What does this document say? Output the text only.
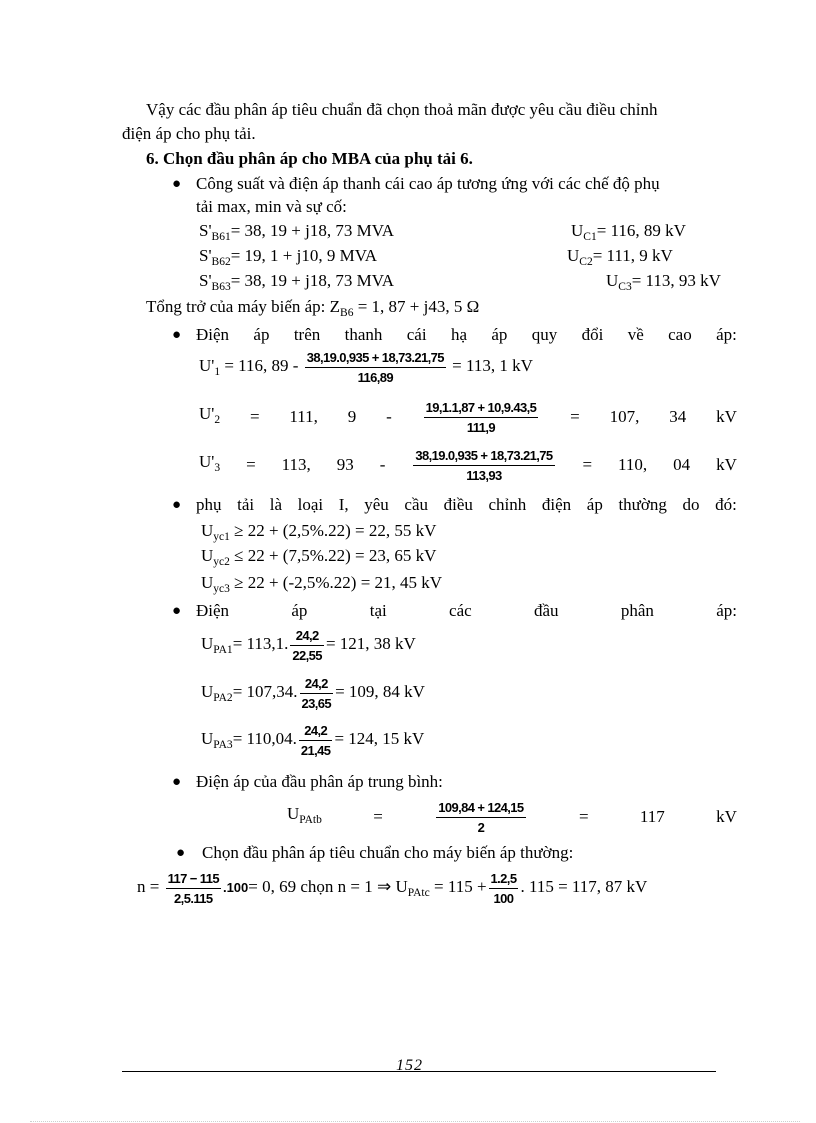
Vậy các đầu phân áp tiêu chuẩn đã chọn thoả mãn được yêu cầu điều chỉnh
điện áp cho phụ tải.
6. Chọn đầu phân áp cho MBA của phụ tải 6.
● Công suất và điện áp thanh cái cao áp tương ứng với các chế độ phụ
tải max, min và sự cố:
$S'_{B61}= 38$, 19 + j18, 73 MVA	$U_{C1}= 116$, 89 kV
$S'_{B62}= 19$, 1 + j10, 9 MVA	$U_{C2}= 111$, 9 kV
$S'_{B63}= 38$, 19 + j18, 73 MVA	$U_{C3}= 113$, 93 kV
Tổng trở của máy biến áp: $Z_{B6} = 1$, 87 + j43, 5 Ω
● Điện áp trên thanh cái hạ áp quy đổi về cao áp:
$U'_1 = 116$, $89 - \frac{38,19.0,935 + 18,73.21,75}{116,89} = 113$, 1 kV
$U'_2 = 111$, $9 - \frac{19,1.1,87 + 10,9.43,5}{111,9} = 107$, 34 kV
$U'_3 = 113$, $93 - \frac{38,19.0,935 + 18,73.21,75}{113,93} = 110$, 04 kV
● phụ tải là loại I, yêu cầu điều chỉnh điện áp thường do đó:
$U_{yc1} \ge 22 + (2,5\%.22) = 22$, 55 kV
$U_{yc2} \le 22 + (7,5\%.22) = 23$, 65 kV
$U_{yc3} \ge 22 + (-2,5\%.22) = 21$, 45 kV
● Điện	áp	tại	các	đầu	phân	áp:
$U_{PA1}= 113,1$. $\frac{24,2}{22,55} = 121$, 38 kV
$U_{PA2}= 107,34$. $\frac{24,2}{23,65} = 109$, 84 kV
$U_{PA3}= 110,04$. $\frac{24,2}{21,45} = 124$, 15 kV
● Điện áp của đầu phân áp trung bình:
$U_{PAtb}$	=	$\frac{109,84 + 124,15}{2}$	=	117	kV
● Chọn đầu phân áp tiêu chuẩn cho máy biến áp thường:
$n = \frac{117 - 115}{2,5.115} .100= 0$, 69 chọn n = 1 ⇒ $U_{PAtc} = 115 + \frac{1.2,5}{100}$ . 115 = 117, 87 kV
152
